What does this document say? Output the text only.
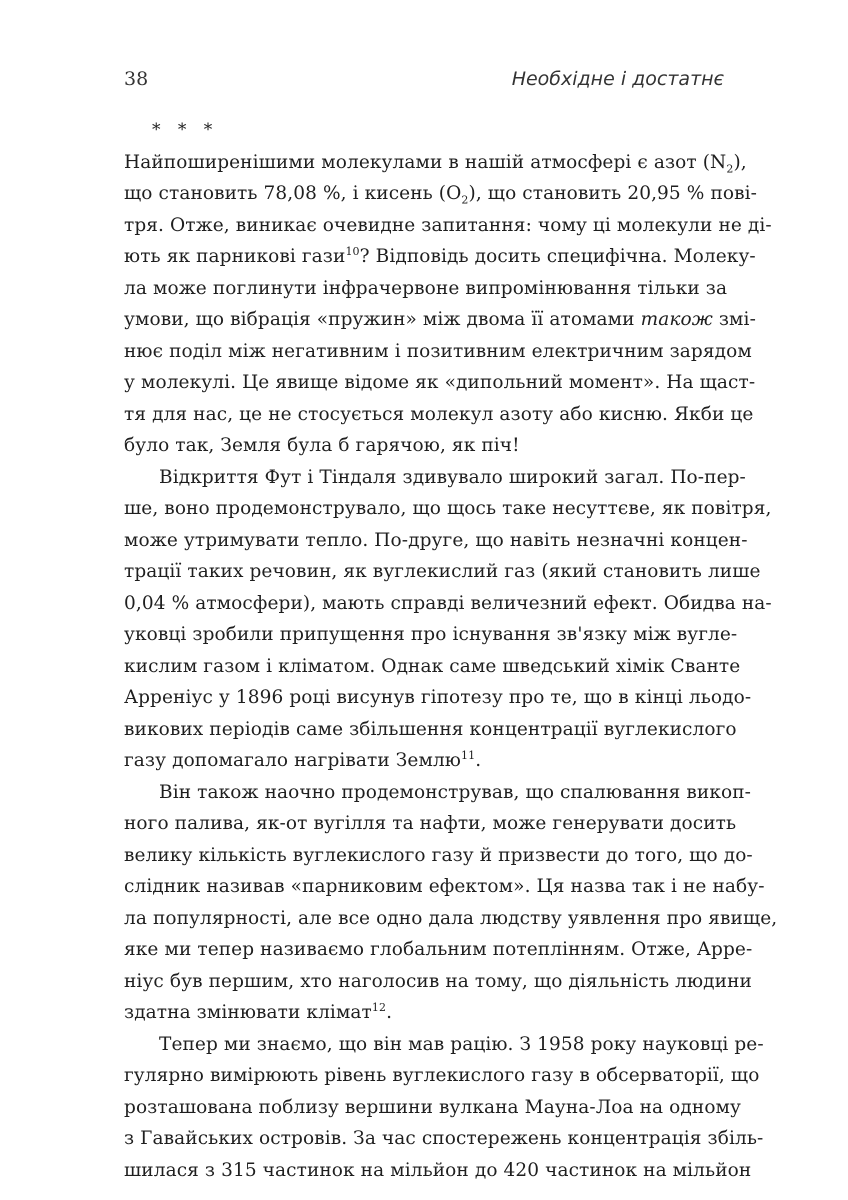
38	Необхідне і достатнє
* * *
Найпоширенішими молекулами в нашій атмосфері є азот $(N_2)$,
що становить 78,08 %, і кисень $(O_2)$, що становить 20,95 % пові-
тря. Отже, виникає очевидне запитання: чому ці молекули не ді-
ють як парникові гази$^{10}$? Відповідь досить специфічна. Молеку-
ла може поглинути інфрачервоне випромінювання тільки за
умови, що вібрація «пружин» між двома її атомами також змі-
нює поділ між негативним і позитивним електричним зарядом
у молекулі. Це явище відоме як «дипольний момент». На щаст-
тя для нас, це не стосується молекул азоту або кисню. Якби це
було так, Земля була б гарячою, як піч!
Відкриття Фут і Тіндаля здивувало широкий загал. По-пер-
ше, воно продемонструвало, що щось таке несуттєве, як повітря,
може утримувати тепло. По-друге, що навіть незначні концен-
трації таких речовин, як вуглекислий газ (який становить лише
0,04 % атмосфери), мають справді величезний ефект. Обидва на-
уковці зробили припущення про існування зв'язку між вугле-
кислим газом і кліматом. Однак саме шведський хімік Сванте
Арреніус у 1896 році висунув гіпотезу про те, що в кінці льодо-
викових періодів саме збільшення концентрації вуглекислого
газу допомагало нагрівати Землю$^{11}$.
Він також наочно продемонстрував, що спалювання викоп-
ного палива, як-от вугілля та нафти, може генерувати досить
велику кількість вуглекислого газу й призвести до того, що до-
слідник називав «парниковим ефектом». Ця назва так і не набу-
ла популярності, але все одно дала людству уявлення про явище,
яке ми тепер називаємо глобальним потеплінням. Отже, Арре-
ніус був першим, хто наголосив на тому, що діяльність людини
здатна змінювати клімат$^{12}$.
Тепер ми знаємо, що він мав рацію. З 1958 року науковці ре-
гулярно вимірюють рівень вуглекислого газу в обсерваторії, що
розташована поблизу вершини вулкана Мауна-Лоа на одному
з Гавайських островів. За час спостережень концентрація збіль-
шилася з 315 частинок на мільйон до 420 частинок на мільйон
